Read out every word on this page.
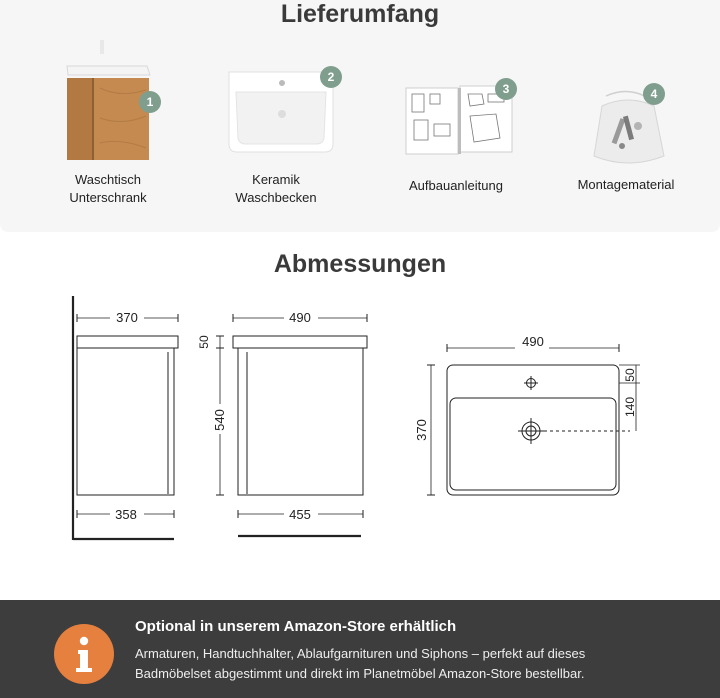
Lieferumfang
1
Waschtisch
Unterschrank
2
Keramik
Waschbecken
3
Aufbauanleitung
4
Montagematerial
Abmessungen
370
358
490
455
50
540
490
370
50
140
Optional in unserem Amazon-Store erhältlich
Armaturen, Handtuchhalter, Ablaufgarnituren und Siphons – perfekt auf dieses
Badmöbelset abgestimmt und direkt im Planetmöbel Amazon-Store bestellbar.
